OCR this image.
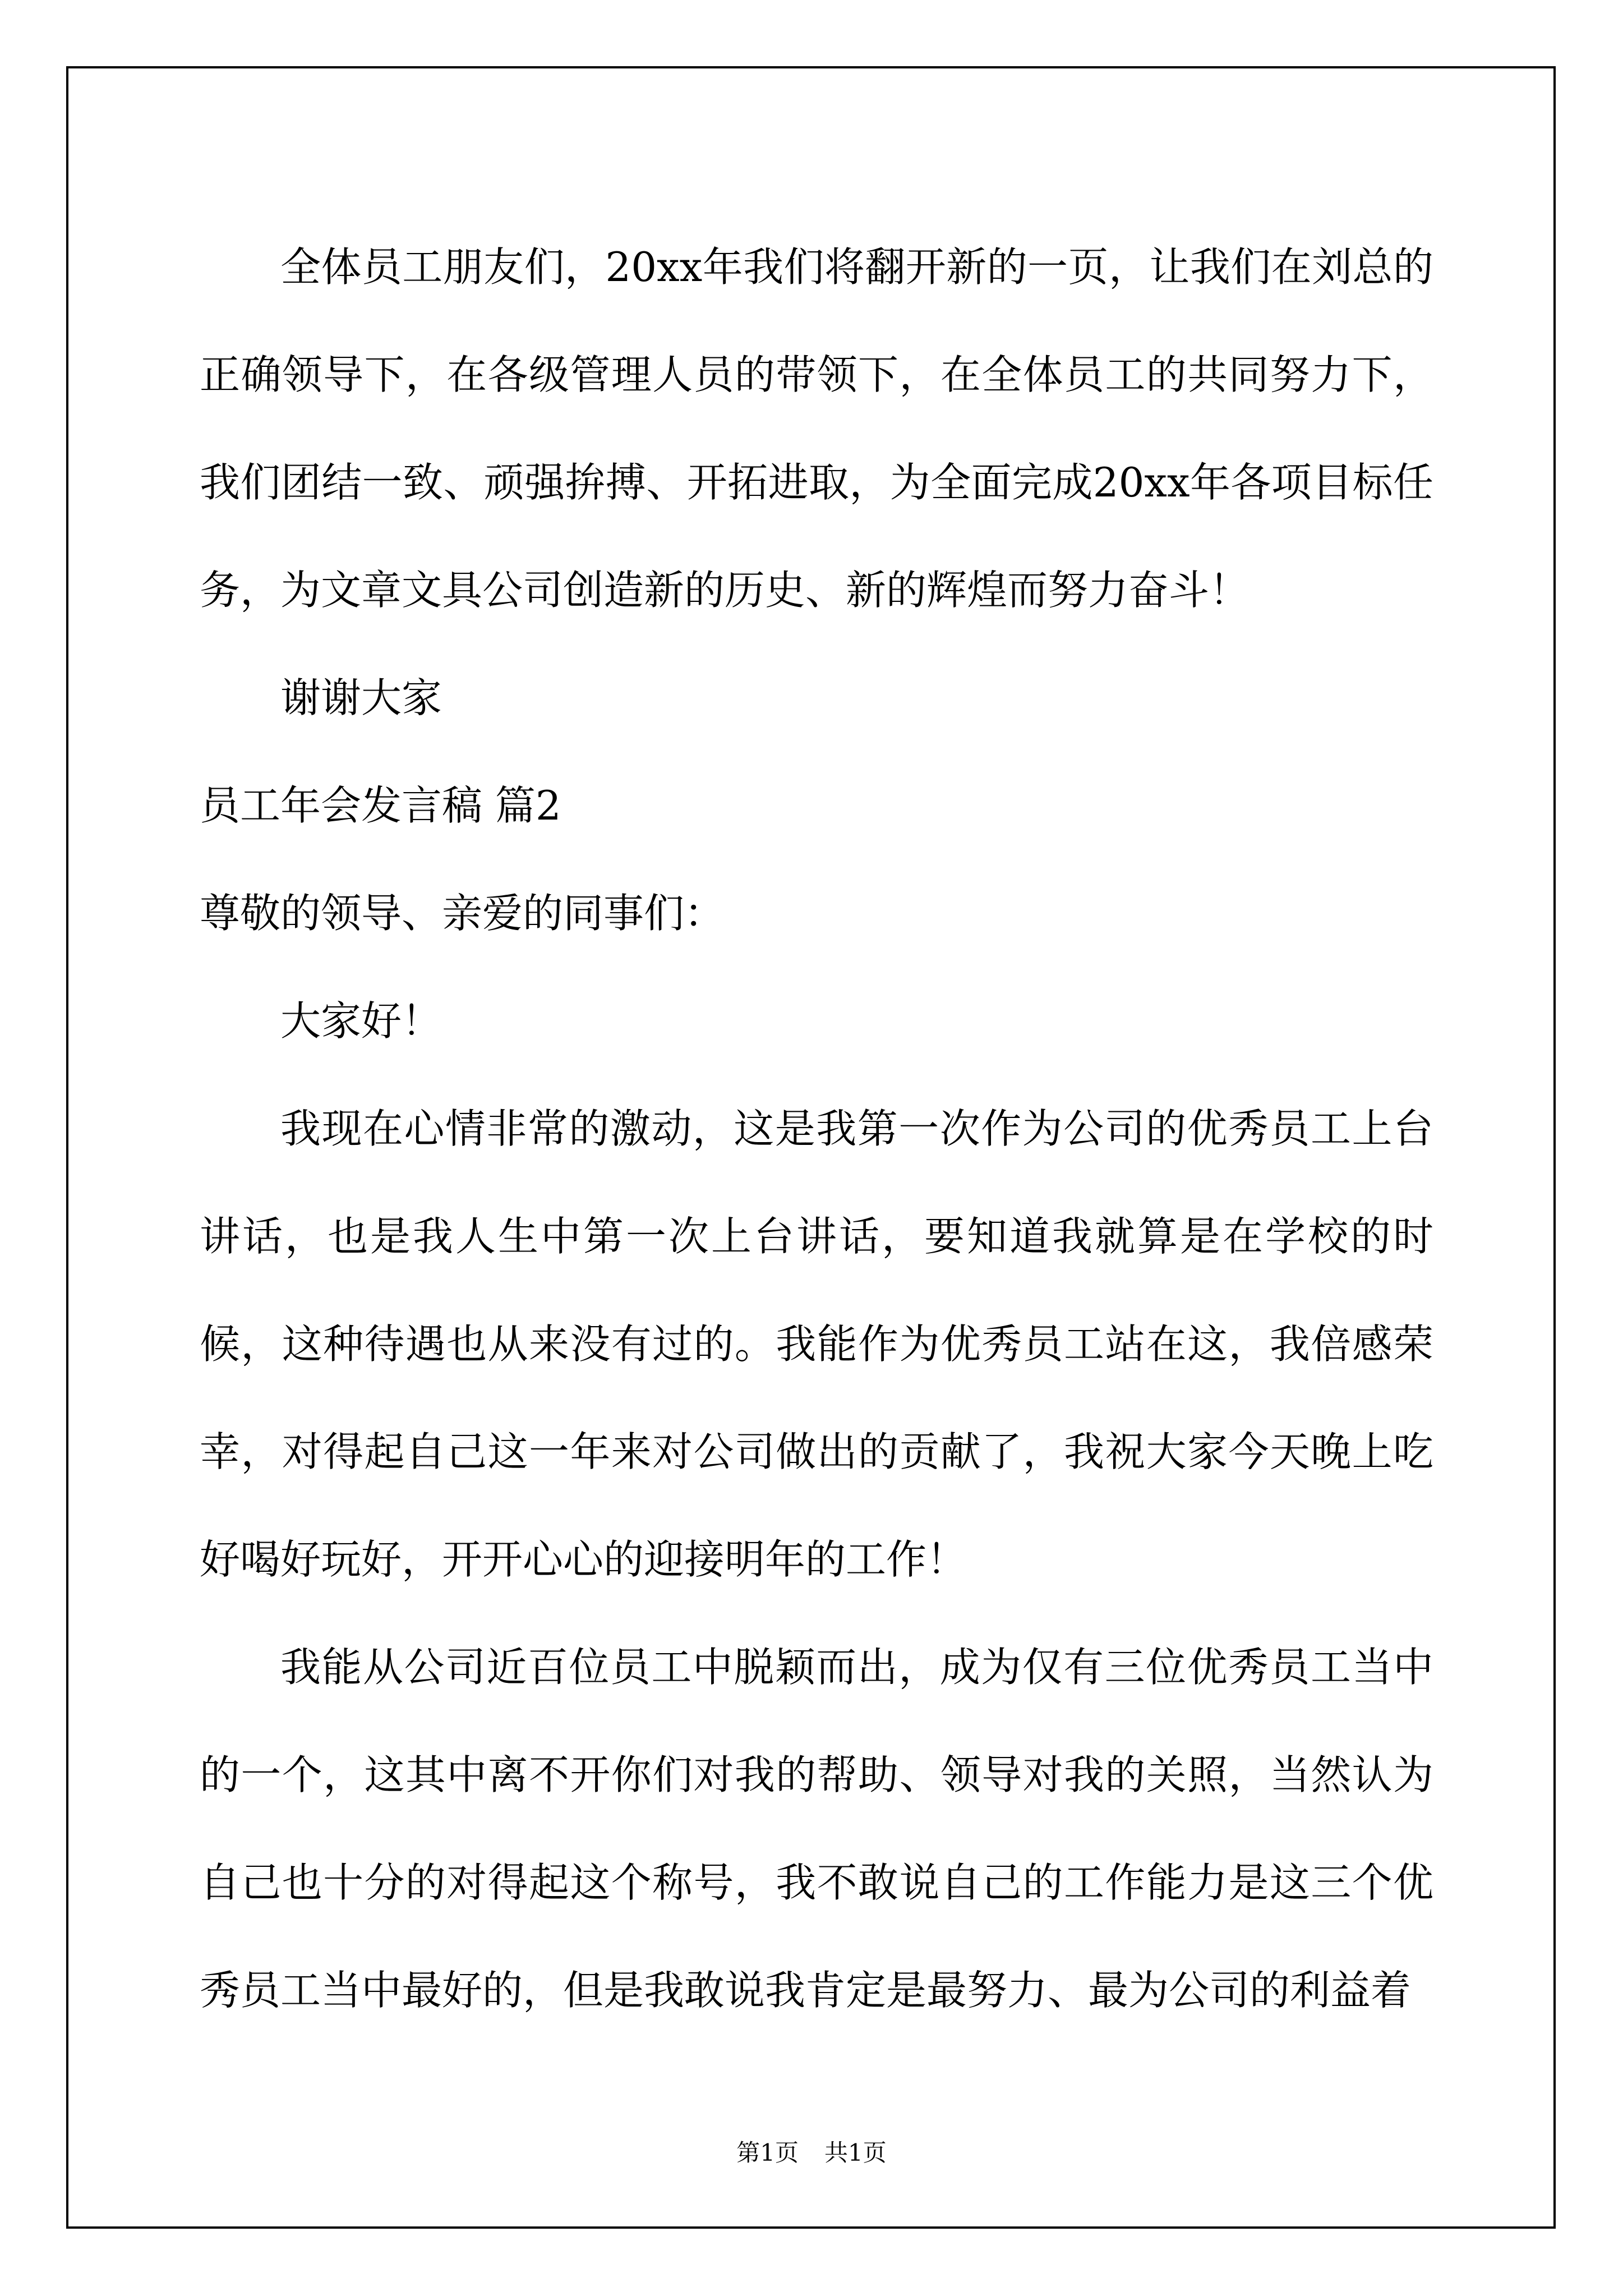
全体员工朋友们，20xx年我们将翻开新的一页，让我们在刘总的正确领导下，在各级管理人员的带领下，在全体员工的共同努力下，我们团结一致、顽强拚搏、开拓进取，为全面完成20xx年各项目标任务，为文章文具公司创造新的历史、新的辉煌而努力奋斗！

谢谢大家

员工年会发言稿 篇2

尊敬的领导、亲爱的同事们：

大家好！

我现在心情非常的激动，这是我第一次作为公司的优秀员工上台讲话，也是我人生中第一次上台讲话，要知道我就算是在学校的时候，这种待遇也从来没有过的。我能作为优秀员工站在这，我倍感荣幸，对得起自己这一年来对公司做出的贡献了，我祝大家今天晚上吃好喝好玩好，开开心心的迎接明年的工作！

我能从公司近百位员工中脱颖而出，成为仅有三位优秀员工当中的一个，这其中离不开你们对我的帮助、领导对我的关照，当然认为自己也十分的对得起这个称号，我不敢说自己的工作能力是这三个优秀员工当中最好的，但是我敢说我肯定是最努力、最为公司的利益着

第1页 共1页
